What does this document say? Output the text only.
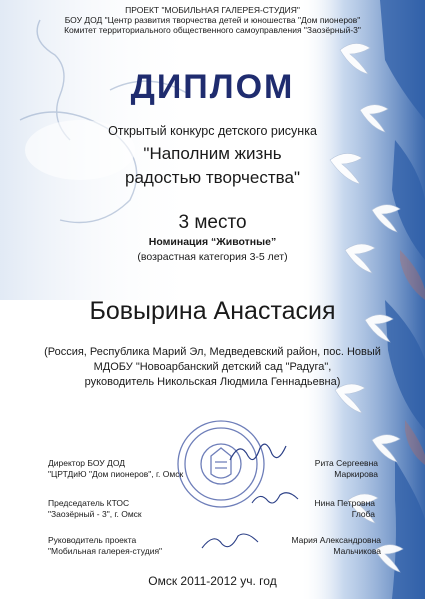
ПРОЕКТ "МОБИЛЬНАЯ ГАЛЕРЕЯ-СТУДИЯ"
БОУ ДОД "Центр развития творчества детей и юношества "Дом пионеров"
Комитет территориального общественного самоуправления "Заозёрный-3"
ДИПЛОМ
Открытый конкурс детского рисунка
"Наполним жизнь
радостью творчества"
3 место
Номинация “Животные”
(возрастная категория 3-5 лет)
Бовырина Анастасия
(Россия, Республика Марий Эл, Медведевский район, пос. Новый
МДОБУ "Новоарбанский детский сад "Радуга",
руководитель Никольская Людмила Геннадьевна)
Директор БОУ ДОД
"ЦРТДиЮ "Дом пионеров", г. Омск
Рита Сергеевна
Маркирова
Председатель КТОС
"Заозёрный - 3", г. Омск
Нина Петровна
Глоба
Руководитель проекта
"Мобильная галерея-студия"
Мария Александровна
Мальчикова
Омск 2011-2012 уч. год
